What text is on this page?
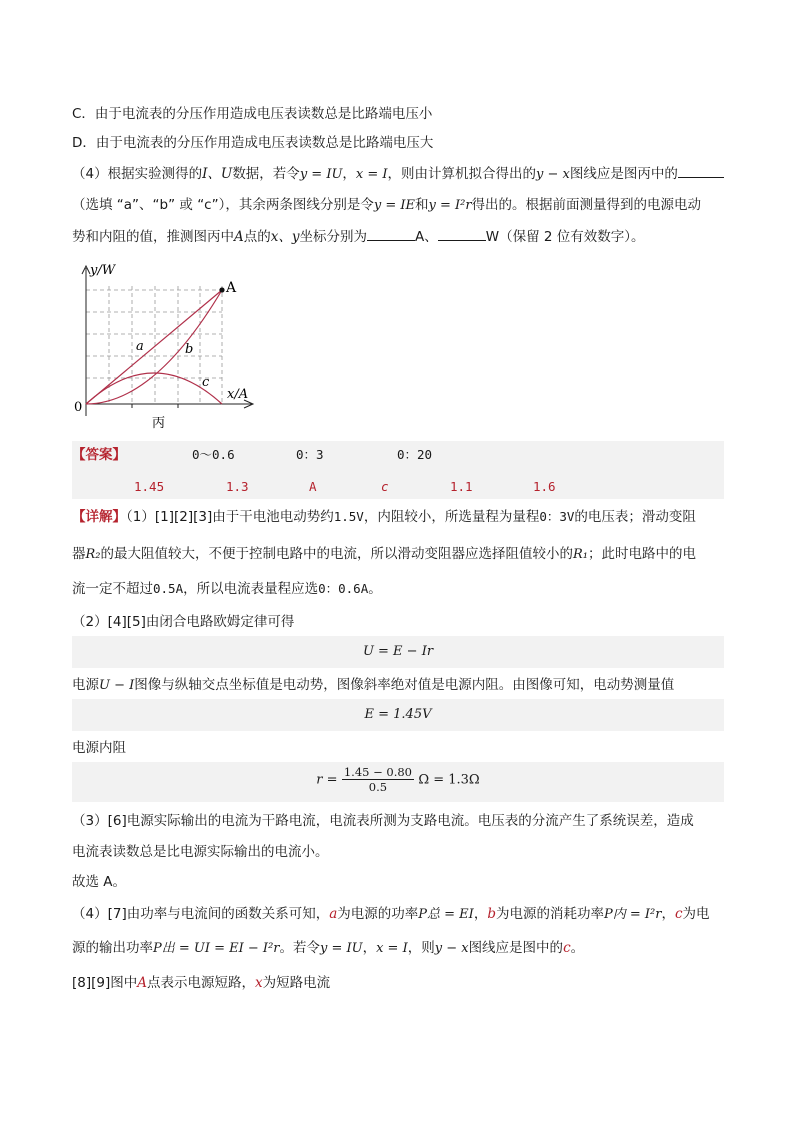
C．由于电流表的分压作用造成电压表读数总是比路端电压小
D．由于电流表的分压作用造成电压表读数总是比路端电压大
（4）根据实验测得的I、U数据，若令y = IU，x = I，则由计算机拟合得出的y − x图线应是图丙中的
（选填 “a”、“b” 或 “c”），其余两条图线分别是令y = IE和y = I²r得出的。根据前面测量得到的电源电动
势和内阻的值，推测图丙中A点的x、y坐标分别为	A、	W（保留 2 位有效数字）。
y/W
x/A
0
A
a	b
c
丙
【答案】	0～0.6	0：3	0：20
1.45	1.3	A	c	1.1	1.6
【详解】（1）[1][2][3]由于干电池电动势约1.5V，内阻较小，所选量程为量程0：3V的电压表；滑动变阻
器R₂的最大阻值较大，不便于控制电路中的电流，所以滑动变阻器应选择阻值较小的R₁；此时电路中的电
流一定不超过0.5A，所以电流表量程应选0：0.6A。
（2）[4][5]由闭合电路欧姆定律可得
U = E − Ir
电源U − I图像与纵轴交点坐标值是电动势，图像斜率绝对值是电源内阻。由图像可知，电动势测量值
E = 1.45V
电源内阻
$r = \frac{1.45 - 0.80}{0.5}$ Ω = 1.3Ω
（3）[6]电源实际输出的电流为干路电流，电流表所测为支路电流。电压表的分流产生了系统误差，造成
电流表读数总是比电源实际输出的电流小。
故选 A。
（4）[7]由功率与电流间的函数关系可知，a为电源的功率P总 = EI，b为电源的消耗功率P内 = I²r，c为电
源的输出功率P出 = UI = EI − I²r。若令y = IU，x = I，则y − x图线应是图中的c。
[8][9]图中A点表示电源短路，x为短路电流
